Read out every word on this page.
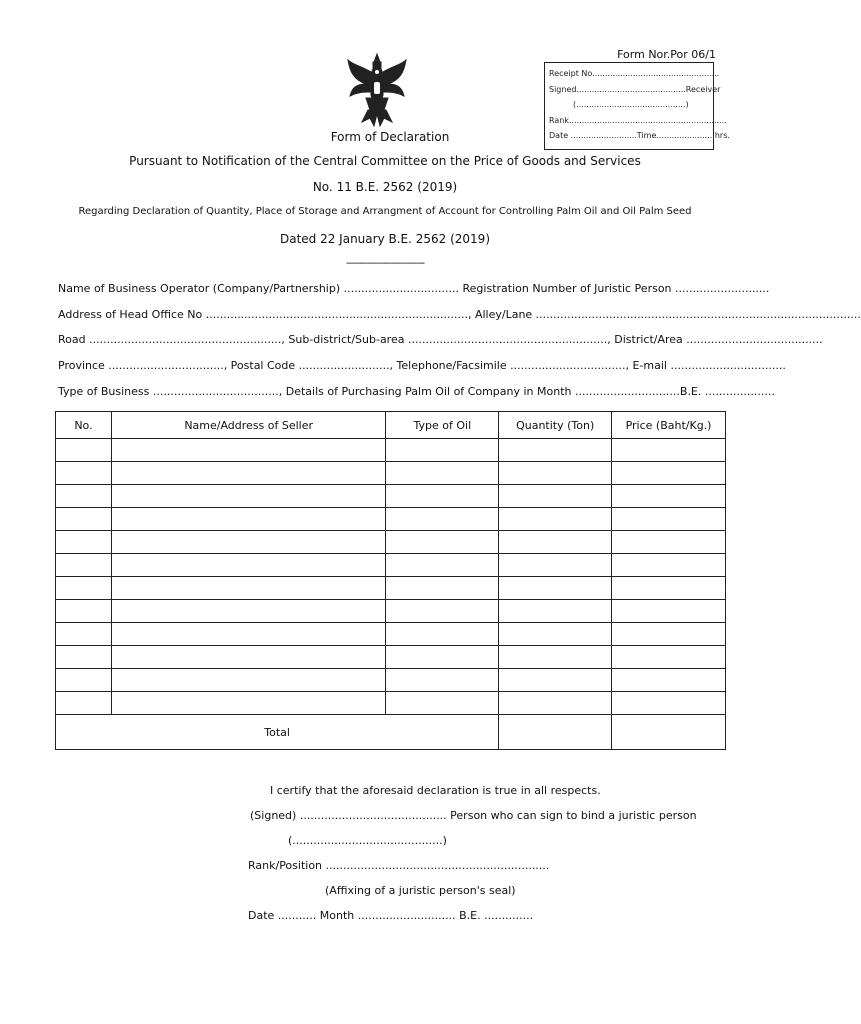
Form Nor.Por 06/1
Receipt No..................................................
Signed...........................................Receiver
(...........................................)
Rank..............................................................
Date ..........................Time.......................hrs.
Form of Declaration
Pursuant to Notification of the Central Committee on the Price of Goods and Services
No. 11 B.E. 2562 (2019)
Regarding Declaration of Quantity, Place of Storage and Arrangment of Account for Controlling Palm Oil and Oil Palm Seed
Dated 22 January B.E. 2562 (2019)
------------------------------
Name of Business Operator (Company/Partnership) ................................. Registration Number of Juristic Person ...........................
Address of Head Office No ..........................................................................., Alley/Lane .............................................................................................
Road ......................................................., Sub-district/Sub-area ........................................................., District/Area .......................................
Province ................................., Postal Code .........................., Telephone/Facsimile ................................., E-mail .................................
Type of Business ...................................., Details of Purchasing Palm Oil of Company in Month ..............................B.E. ....................
No.	Name/Address of Seller	Type of Oil	Quantity (Ton)	Price (Baht/Kg.)

Total				
I certify that the aforesaid declaration is true in all respects.
(Signed) .......................................... Person who can sign to bind a juristic person
(...........................................)
Rank/Position ................................................................
(Affixing of a juristic person's seal)
Date ........... Month ............................ B.E. ..............
